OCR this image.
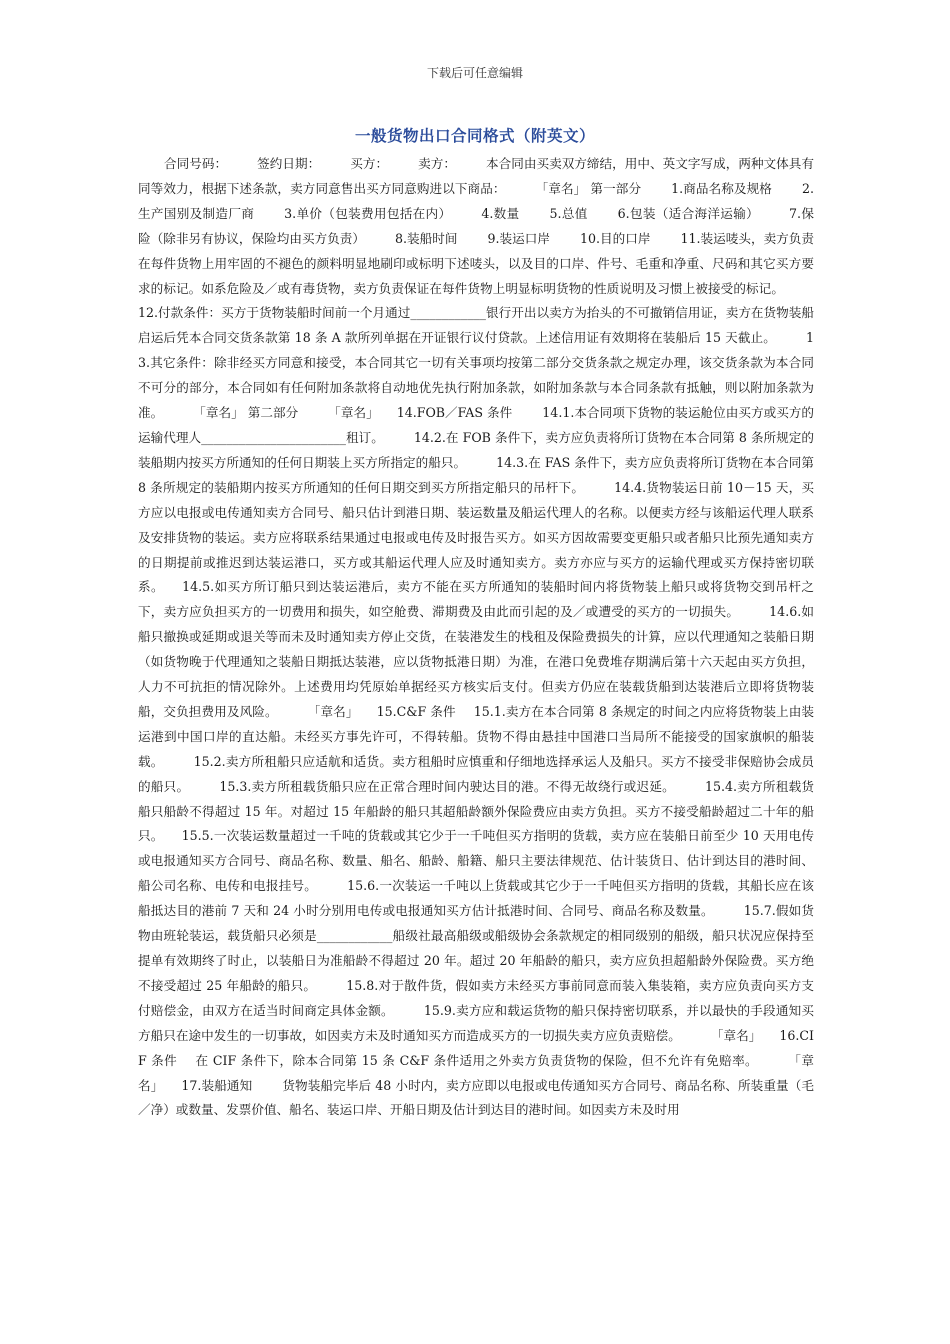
下载后可任意编辑
一般货物出口合同格式（附英文）

合同号码： 签约日期： 买方： 卖方： 本合同由买卖双方缔结，用中、英文字写成，两种文体具有同等效力，根据下述条款，卖方同意售出买方同意购进以下商品： 「章名」 第一部分 1.商品名称及规格 2.生产国别及制造厂商 3.单价（包装费用包括在内） 4.数量 5.总值 6.包装（适合海洋运输） 7.保险（除非另有协议，保险均由买方负责） 8.装船时间 9.装运口岸 10.目的口岸 11.装运唛头，卖方负责在每件货物上用牢固的不褪色的颜料明显地刷印或标明下述唛头，以及目的口岸、件号、毛重和净重、尺码和其它买方要求的标记。如系危险及／或有毒货物，卖方负责保证在每件货物上明显标明货物的性质说明及习惯上被接受的标记。12.付款条件：买方于货物装船时间前一个月通过____________银行开出以卖方为抬头的不可撤销信用证，卖方在货物装船启运后凭本合同交货条款第 18 条 A 款所列单据在开证银行议付贷款。上述信用证有效期将在装船后 15 天截止。 13.其它条件：除非经买方同意和接受，本合同其它一切有关事项均按第二部分交货条款之规定办理，该交货条款为本合同不可分的部分，本合同如有任何附加条款将自动地优先执行附加条款，如附加条款与本合同条款有抵触，则以附加条款为准。 「章名」 第二部分 「章名」 14.FOB／FAS 条件 14.1.本合同项下货物的装运舱位由买方或买方的运输代理人_______________________租订。 14.2.在 FOB 条件下，卖方应负责将所订货物在本合同第 8 条所规定的装船期内按买方所通知的任何日期装上买方所指定的船只。 14.3.在 FAS 条件下，卖方应负责将所订货物在本合同第 8 条所规定的装船期内按买方所通知的任何日期交到买方所指定船只的吊杆下。 14.4.货物装运日前 10－15 天，买方应以电报或电传通知卖方合同号、船只估计到港日期、装运数量及船运代理人的名称。以便卖方经与该船运代理人联系及安排货物的装运。卖方应将联系结果通过电报或电传及时报告买方。如买方因故需要变更船只或者船只比预先通知卖方的日期提前或推迟到达装运港口，买方或其船运代理人应及时通知卖方。卖方亦应与买方的运输代理或买方保持密切联系。 14.5.如买方所订船只到达装运港后，卖方不能在买方所通知的装船时间内将货物装上船只或将货物交到吊杆之下，卖方应负担买方的一切费用和损失，如空舱费、滞期费及由此而引起的及／或遭受的买方的一切损失。 14.6.如船只撤换或延期或退关等而未及时通知卖方停止交货，在装港发生的栈租及保险费损失的计算，应以代理通知之装船日期（如货物晚于代理通知之装船日期抵达装港，应以货物抵港日期）为准，在港口免费堆存期满后第十六天起由买方负担，人力不可抗拒的情况除外。上述费用均凭原始单据经买方核实后支付。但卖方仍应在装载货船到达装港后立即将货物装船，交负担费用及风险。 「章名」 15.C&F 条件 15.1.卖方在本合同第 8 条规定的时间之内应将货物装上由装运港到中国口岸的直达船。未经买方事先许可，不得转船。货物不得由悬挂中国港口当局所不能接受的国家旗帜的船装载。 15.2.卖方所租船只应适航和适货。卖方租船时应慎重和仔细地选择承运人及船只。买方不接受非保赔协会成员的船只。 15.3.卖方所租载货船只应在正常合理时间内驶达目的港。不得无故绕行或迟延。 15.4.卖方所租载货船只船龄不得超过 15 年。对超过 15 年船龄的船只其超船龄额外保险费应由卖方负担。买方不接受船龄超过二十年的船只。 15.5.一次装运数量超过一千吨的货载或其它少于一千吨但买方指明的货载，卖方应在装船日前至少 10 天用电传或电报通知买方合同号、商品名称、数量、船名、船龄、船籍、船只主要法律规范、估计装货日、估计到达目的港时间、船公司名称、电传和电报挂号。 15.6.一次装运一千吨以上货载或其它少于一千吨但买方指明的货载，其船长应在该船抵达目的港前 7 天和 24 小时分别用电传或电报通知买方估计抵港时间、合同号、商品名称及数量。 15.7.假如货物由班轮装运，载货船只必须是____________船级社最高船级或船级协会条款规定的相同级别的船级，船只状况应保持至提单有效期终了时止，以装船日为准船龄不得超过 20 年。超过 20 年船龄的船只，卖方应负担超船龄外保险费。买方绝不接受超过 25 年船龄的船只。 15.8.对于散件货，假如卖方未经买方事前同意而装入集装箱，卖方应负责向买方支付赔偿金，由双方在适当时间商定具体金额。 15.9.卖方应和载运货物的船只保持密切联系，并以最快的手段通知买方船只在途中发生的一切事故，如因卖方未及时通知买方而造成买方的一切损失卖方应负责赔偿。 「章名」 16.CIF 条件 在 CIF 条件下，除本合同第 15 条 C&F 条件适用之外卖方负责货物的保险，但不允许有免赔率。 「章名」 17.装船通知 货物装船完毕后 48 小时内，卖方应即以电报或电传通知买方合同号、商品名称、所装重量（毛／净）或数量、发票价值、船名、装运口岸、开船日期及估计到达目的港时间。如因卖方未及时用
